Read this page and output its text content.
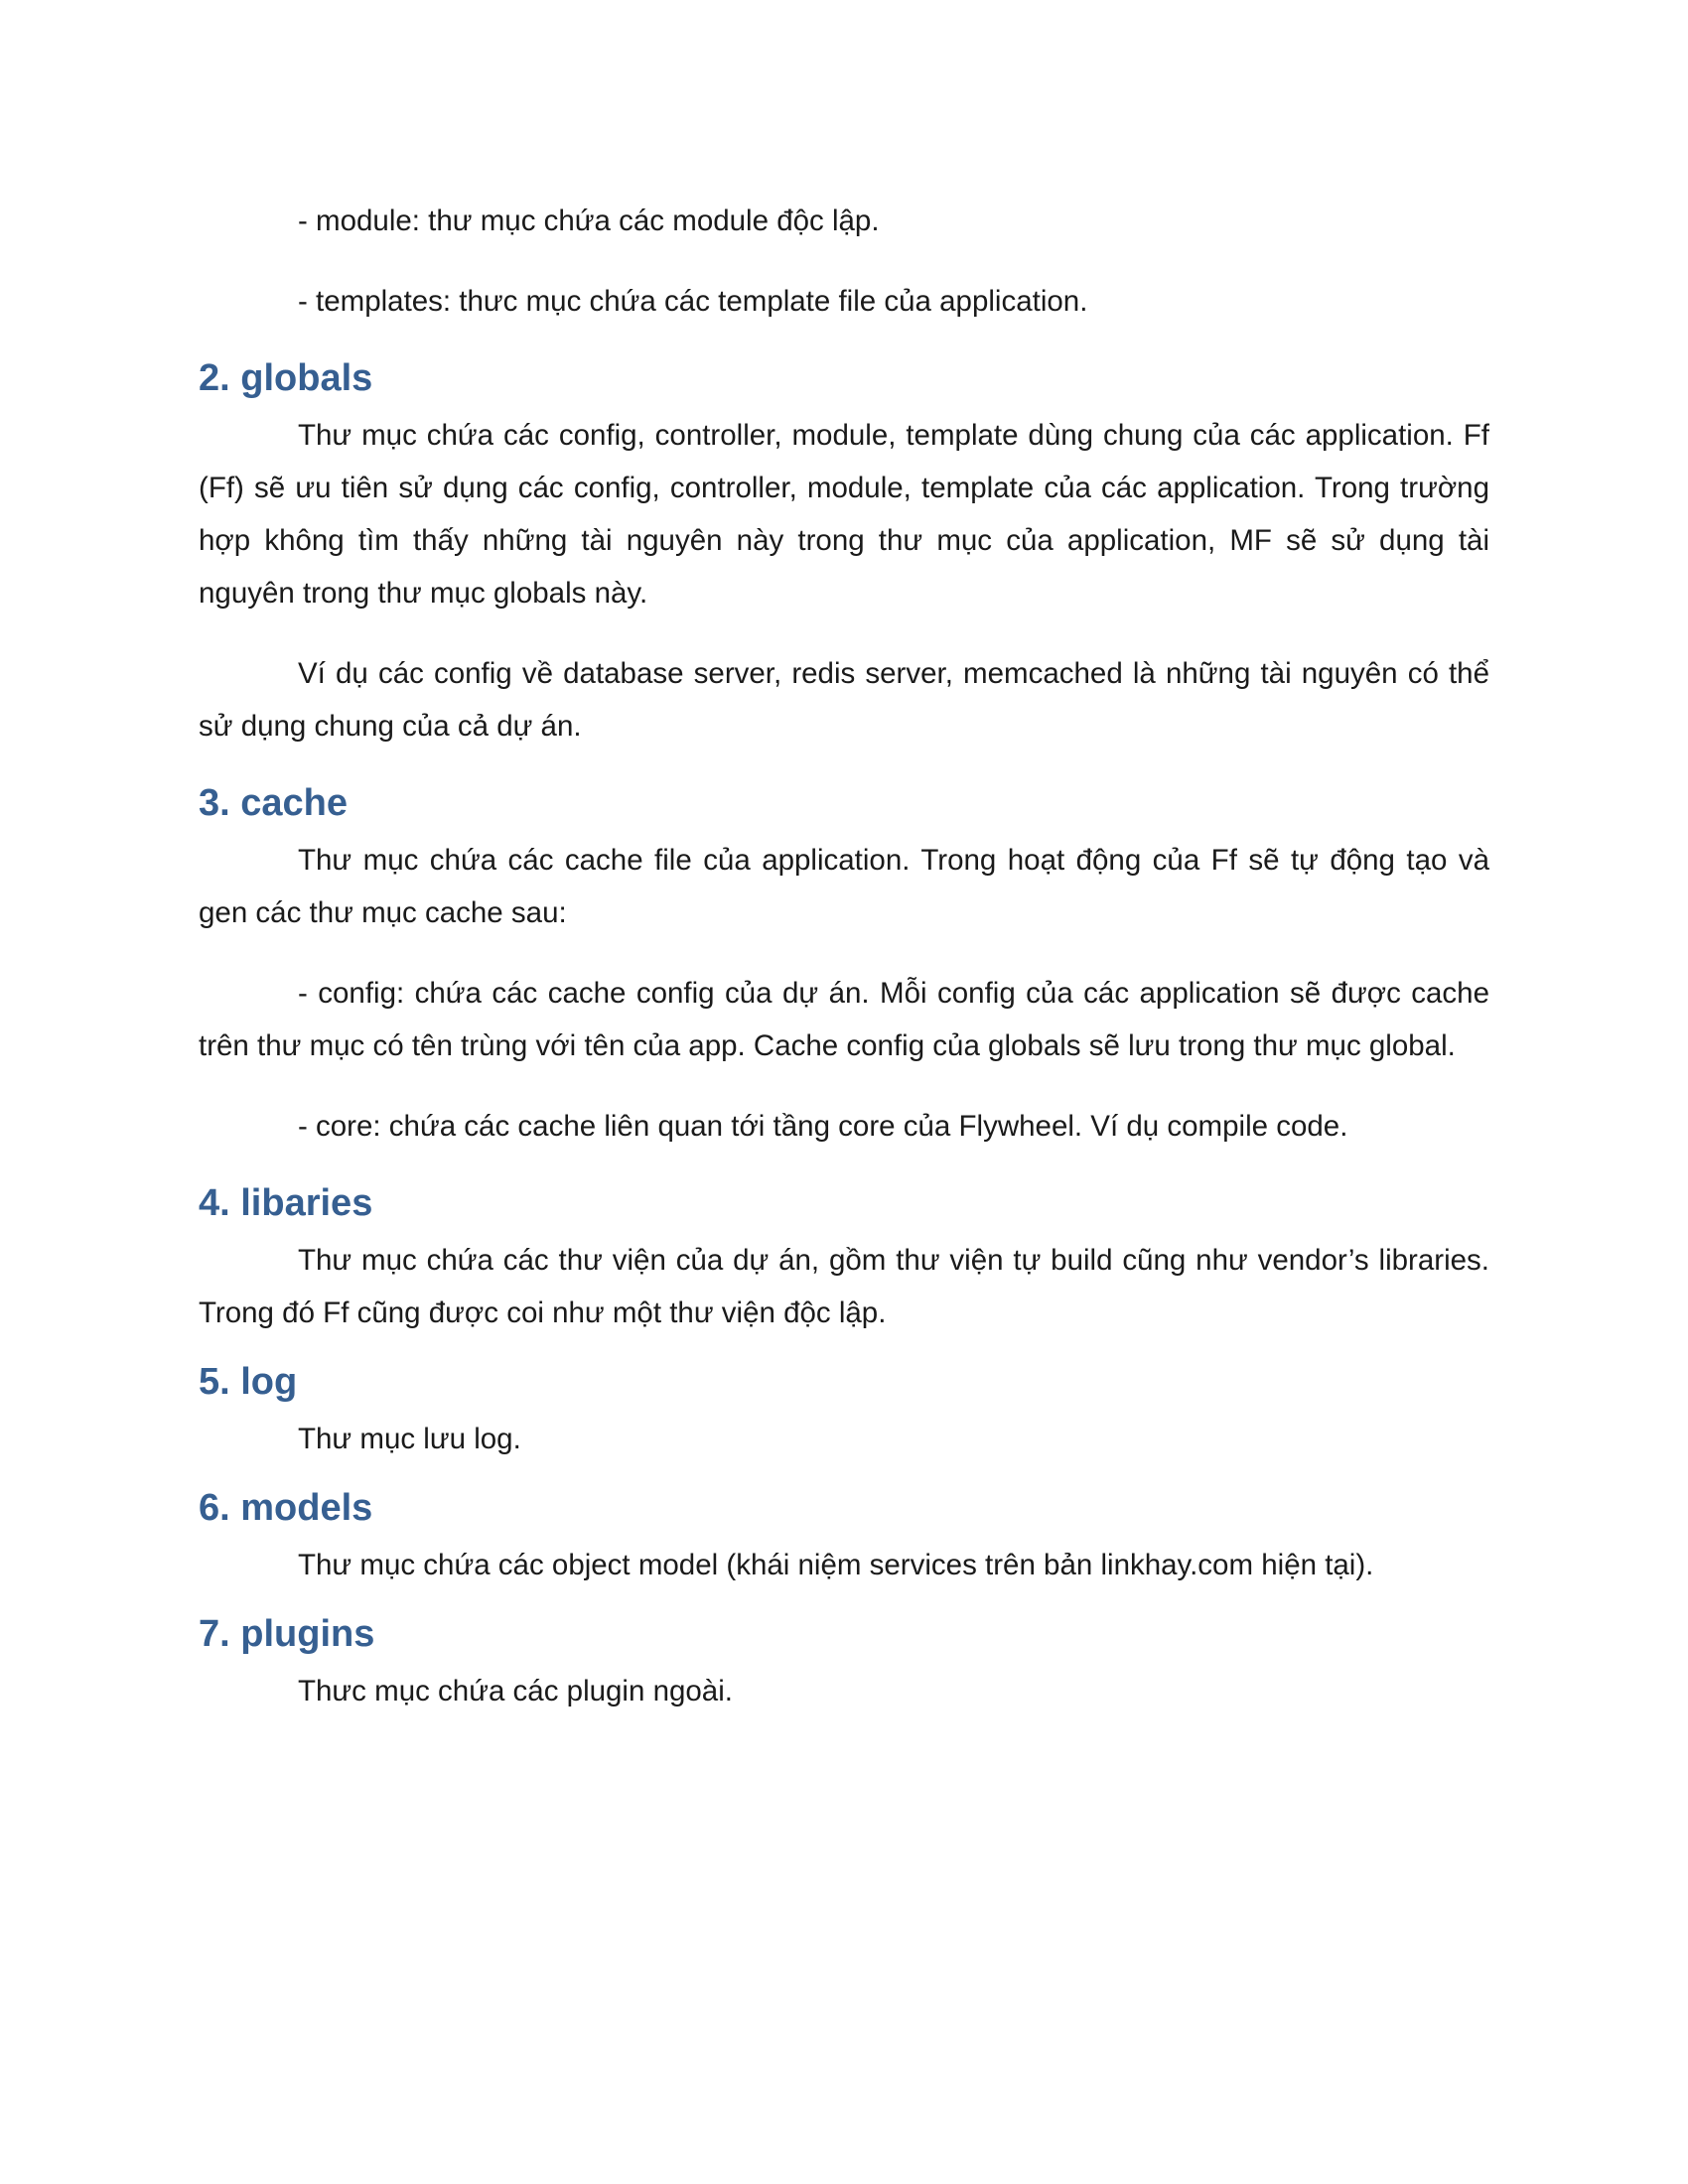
- module: thư mục chứa các module độc lập.

- templates: thưc mục chứa các template file của application.

2. globals

Thư mục chứa các config, controller, module, template dùng chung của các application. Ff (Ff) sẽ ưu tiên sử dụng các config, controller, module, template của các application. Trong trường hợp không tìm thấy những tài nguyên này trong thư mục của application, MF sẽ sử dụng tài nguyên trong thư mục globals này.

Ví dụ các config về database server, redis server, memcached là những tài nguyên có thể sử dụng chung của cả dự án.

3. cache

Thư mục chứa các cache file của application. Trong hoạt động của Ff sẽ tự động tạo và gen các thư mục cache sau:

- config: chứa các cache config của dự án. Mỗi config của các application sẽ được cache trên thư mục có tên trùng với tên của app. Cache config của globals sẽ lưu trong thư mục global.

- core: chứa các cache liên quan tới tầng core của Flywheel. Ví dụ compile code.

4. libaries

Thư mục chứa các thư viện của dự án, gồm thư viện tự build cũng như vendor’s libraries. Trong đó Ff cũng được coi như một thư viện độc lập.

5. log

Thư mục lưu log.

6. models

Thư mục chứa các object model (khái niệm services trên bản linkhay.com hiện tại).

7. plugins

Thưc mục chứa các plugin ngoài.
